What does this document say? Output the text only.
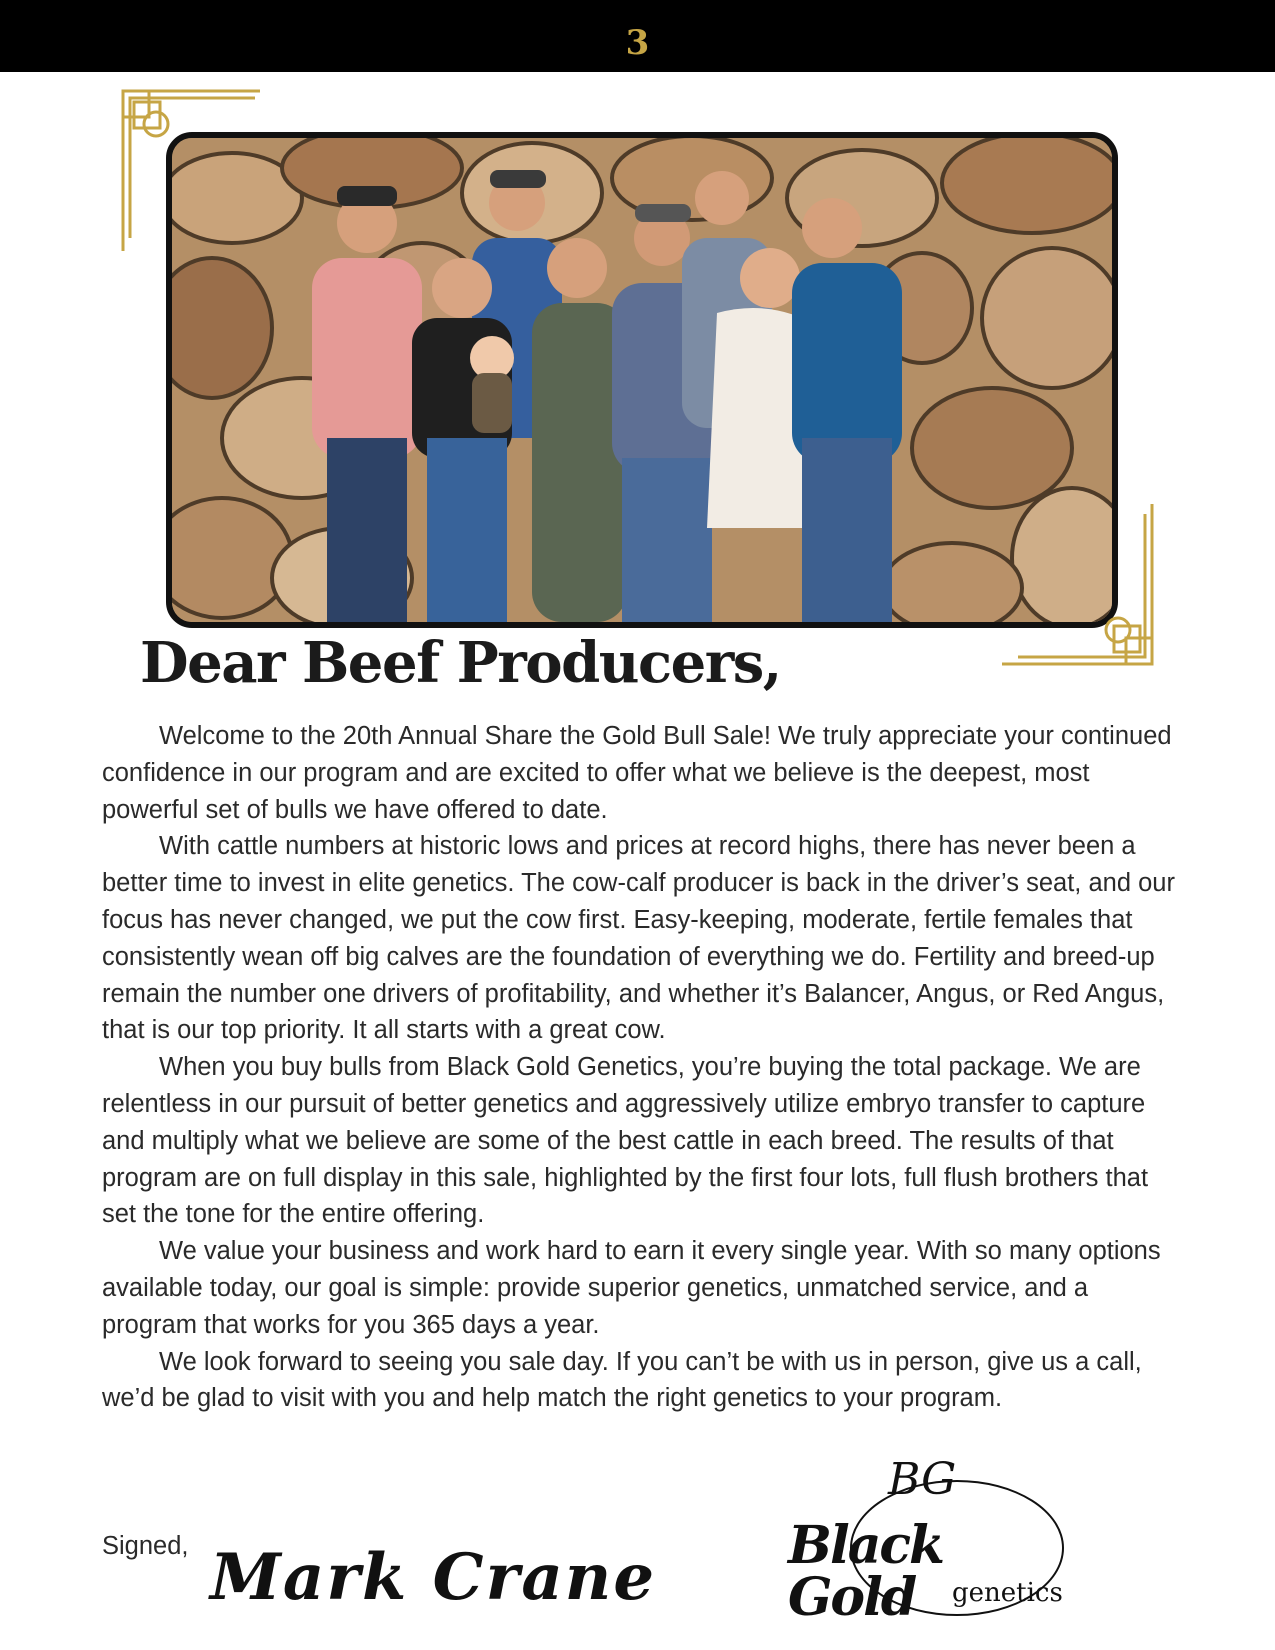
3
Dear Beef Producers,

Welcome to the 20th Annual Share the Gold Bull Sale! We truly appreciate your continued confidence in our program and are excited to offer what we believe is the deepest, most powerful set of bulls we have offered to date.

With cattle numbers at historic lows and prices at record highs, there has never been a better time to invest in elite genetics. The cow-calf producer is back in the driver’s seat, and our focus has never changed, we put the cow first. Easy-keeping, moderate, fertile females that consistently wean off big calves are the foundation of everything we do. Fertility and breed-up remain the number one drivers of profitability, and whether it’s Balancer, Angus, or Red Angus, that is our top priority. It all starts with a great cow.

When you buy bulls from Black Gold Genetics, you’re buying the total package. We are relentless in our pursuit of better genetics and aggressively utilize embryo transfer to capture and multiply what we believe are some of the best cattle in each breed. The results of that program are on full display in this sale, highlighted by the first four lots, full flush brothers that set the tone for the entire offering.

We value your business and work hard to earn it every single year. With so many options available today, our goal is simple: provide superior genetics, unmatched service, and a program that works for you 365 days a year.

We look forward to seeing you sale day. If you can’t be with us in person, give us a call, we’d be glad to visit with you and help match the right genetics to your program.

Signed, Mark Crane
BG
Black Gold	genetics
